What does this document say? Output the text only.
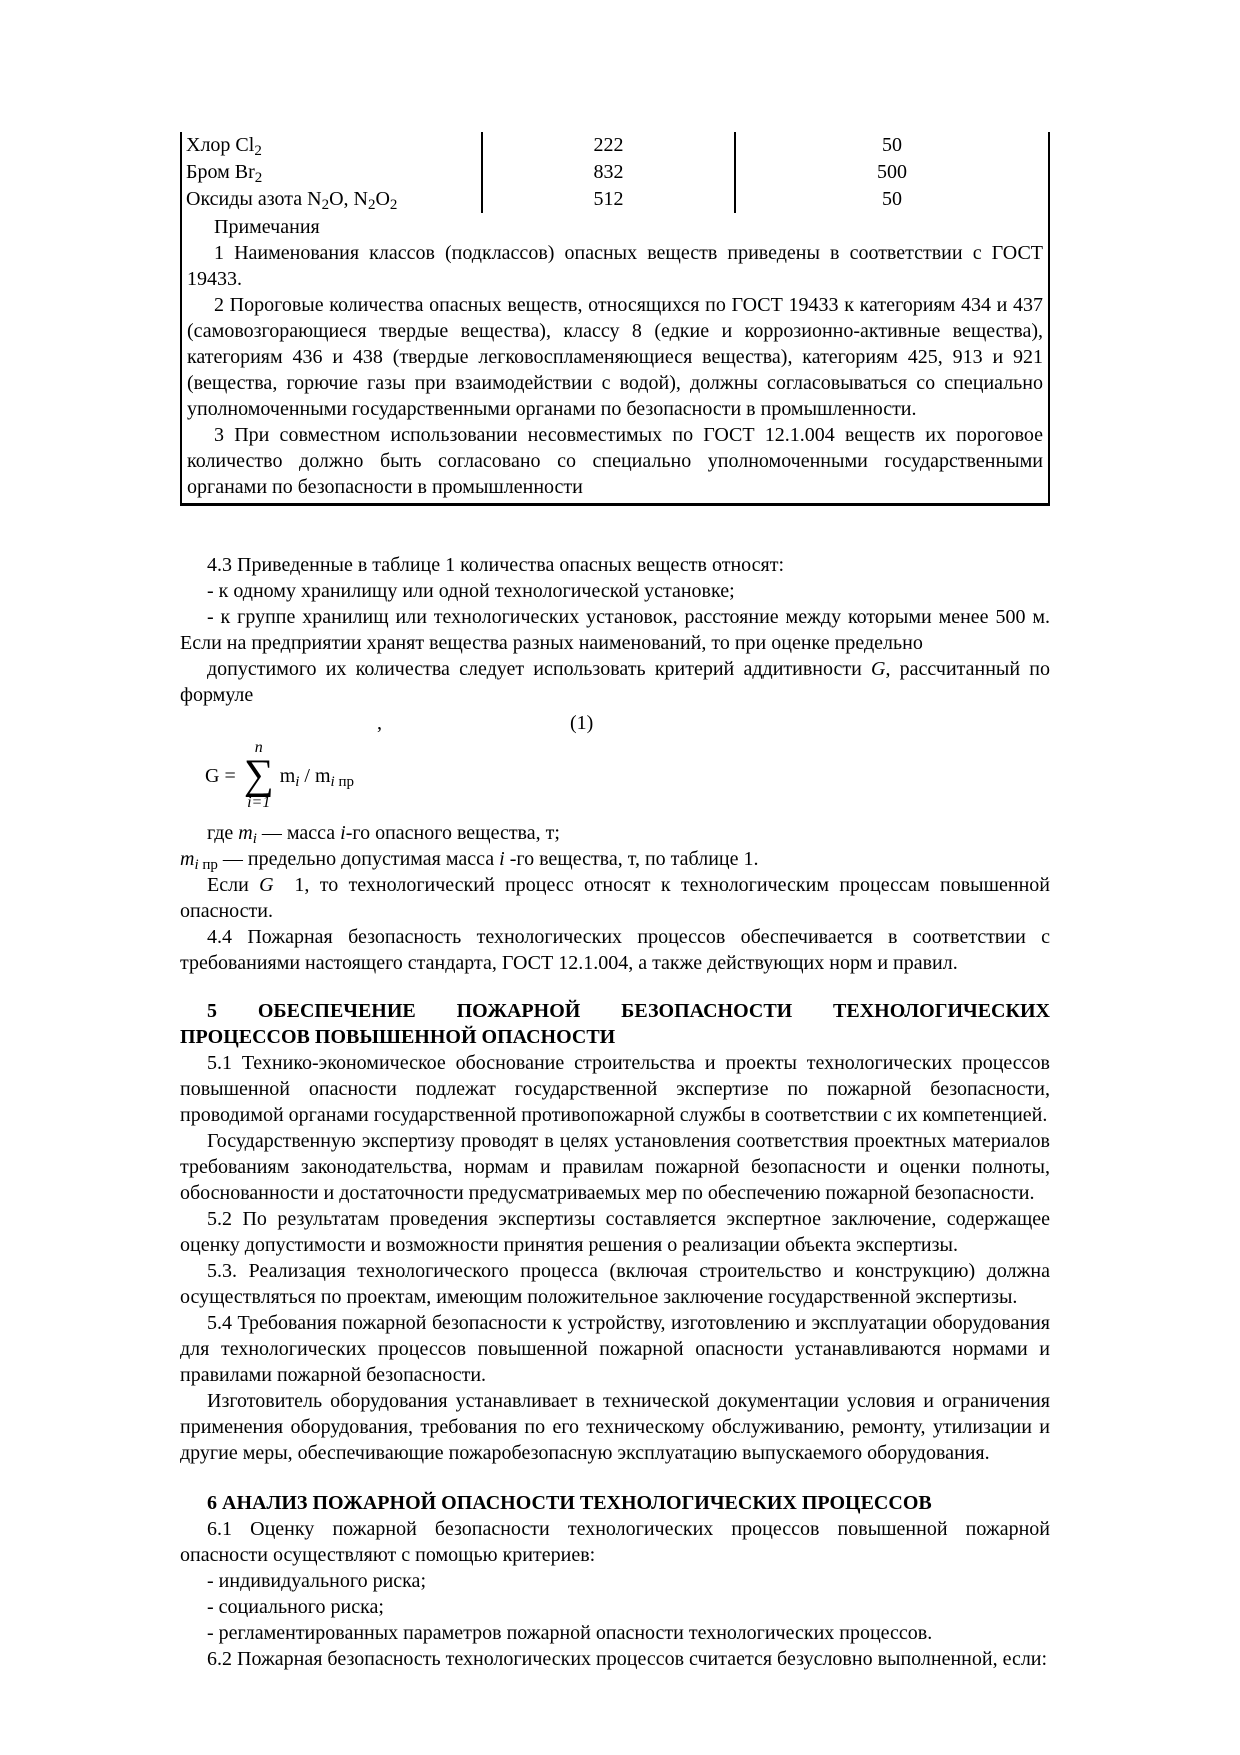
Хлор $Cl_2$	222	50
Бром $Br_2$	832	500
Оксиды азота $N_2O$, $N_2O_2$	512	50

Примечания

1 Наименования классов (подклассов) опасных веществ приведены в соответствии с ГОСТ 19433.

2 Пороговые количества опасных веществ, относящихся по ГОСТ 19433 к категориям 434 и 437 (самовозгорающиеся твердые вещества), классу 8 (едкие и коррозионно-активные вещества), категориям 436 и 438 (твердые легковоспламеняющиеся вещества), категориям 425, 913 и 921 (вещества, горючие газы при взаимодействии с водой), должны согласовываться со специально уполномоченными государственными органами по безопасности в промышленности.

3 При совместном использовании несовместимых по ГОСТ 12.1.004 веществ их пороговое количество должно быть согласовано со специально уполномоченными государственными органами по безопасности в промышленности

4.3 Приведенные в таблице 1 количества опасных веществ относят:

- к одному хранилищу или одной технологической установке;

- к группе хранилищ или технологических установок, расстояние между которыми менее 500 м. Если на предприятии хранят вещества разных наименований, то при оценке предельно

допустимого их количества следует использовать критерий аддитивности G, рассчитанный по формуле

,	(1)
G =
n
∑
i=1
$m_i / m_i$ $_{пр}$

где $m_i$ — масса i-го опасного вещества, т;

$m_i$ $_{пр}$ — предельно допустимая масса i -го вещества, т, по таблице 1.

Если G  1, то технологический процесс относят к технологическим процессам повышенной опасности.

4.4 Пожарная безопасность технологических процессов обеспечивается в соответствии с требованиями настоящего стандарта, ГОСТ 12.1.004, а также действующих норм и правил.

5 ОБЕСПЕЧЕНИЕ ПОЖАРНОЙ БЕЗОПАСНОСТИ ТЕХНОЛОГИЧЕСКИХ
ПРОЦЕССОВ ПОВЫШЕННОЙ ОПАСНОСТИ

5.1 Технико-экономическое обоснование строительства и проекты технологических процессов повышенной опасности подлежат государственной экспертизе по пожарной безопасности, проводимой органами государственной противопожарной службы в соответствии с их компетенцией.

Государственную экспертизу проводят в целях установления соответствия проектных материалов требованиям законодательства, нормам и правилам пожарной безопасности и оценки полноты, обоснованности и достаточности предусматриваемых мер по обеспечению пожарной безопасности.

5.2 По результатам проведения экспертизы составляется экспертное заключение, содержащее оценку допустимости и возможности принятия решения о реализации объекта экспертизы.

5.3. Реализация технологического процесса (включая строительство и конструкцию) должна осуществляться по проектам, имеющим положительное заключение государственной экспертизы.

5.4 Требования пожарной безопасности к устройству, изготовлению и эксплуатации оборудования для технологических процессов повышенной пожарной опасности устанавливаются нормами и правилами пожарной безопасности.

Изготовитель оборудования устанавливает в технической документации условия и ограничения применения оборудования, требования по его техническому обслуживанию, ремонту, утилизации и другие меры, обеспечивающие пожаробезопасную эксплуатацию выпускаемого оборудования.

6 АНАЛИЗ ПОЖАРНОЙ ОПАСНОСТИ ТЕХНОЛОГИЧЕСКИХ ПРОЦЕССОВ

6.1 Оценку пожарной безопасности технологических процессов повышенной пожарной опасности осуществляют с помощью критериев:

- индивидуального риска;

- социального риска;

- регламентированных параметров пожарной опасности технологических процессов.

6.2 Пожарная безопасность технологических процессов считается безусловно выполненной, если:
